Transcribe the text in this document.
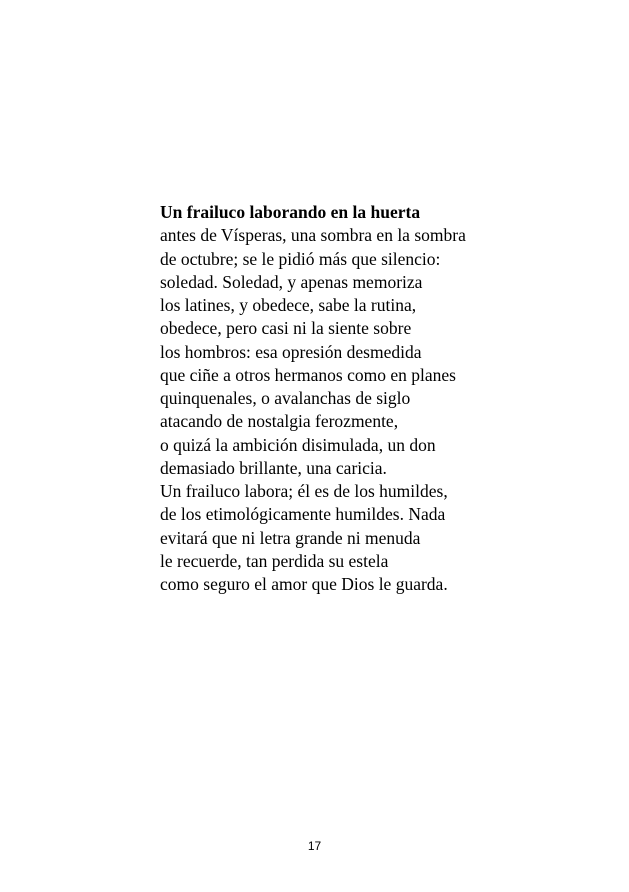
Un frailuco laborando en la huerta
antes de Vísperas, una sombra en la sombra
de octubre; se le pidió más que silencio:
soledad. Soledad, y apenas memoriza
los latines, y obedece, sabe la rutina,
obedece, pero casi ni la siente sobre
los hombros: esa opresión desmedida
que ciñe a otros hermanos como en planes
quinquenales, o avalanchas de siglo
atacando de nostalgia ferozmente,
o quizá la ambición disimulada, un don
demasiado brillante, una caricia.
Un frailuco labora; él es de los humildes,
de los etimológicamente humildes. Nada
evitará que ni letra grande ni menuda
le recuerde, tan perdida su estela
como seguro el amor que Dios le guarda.
17
